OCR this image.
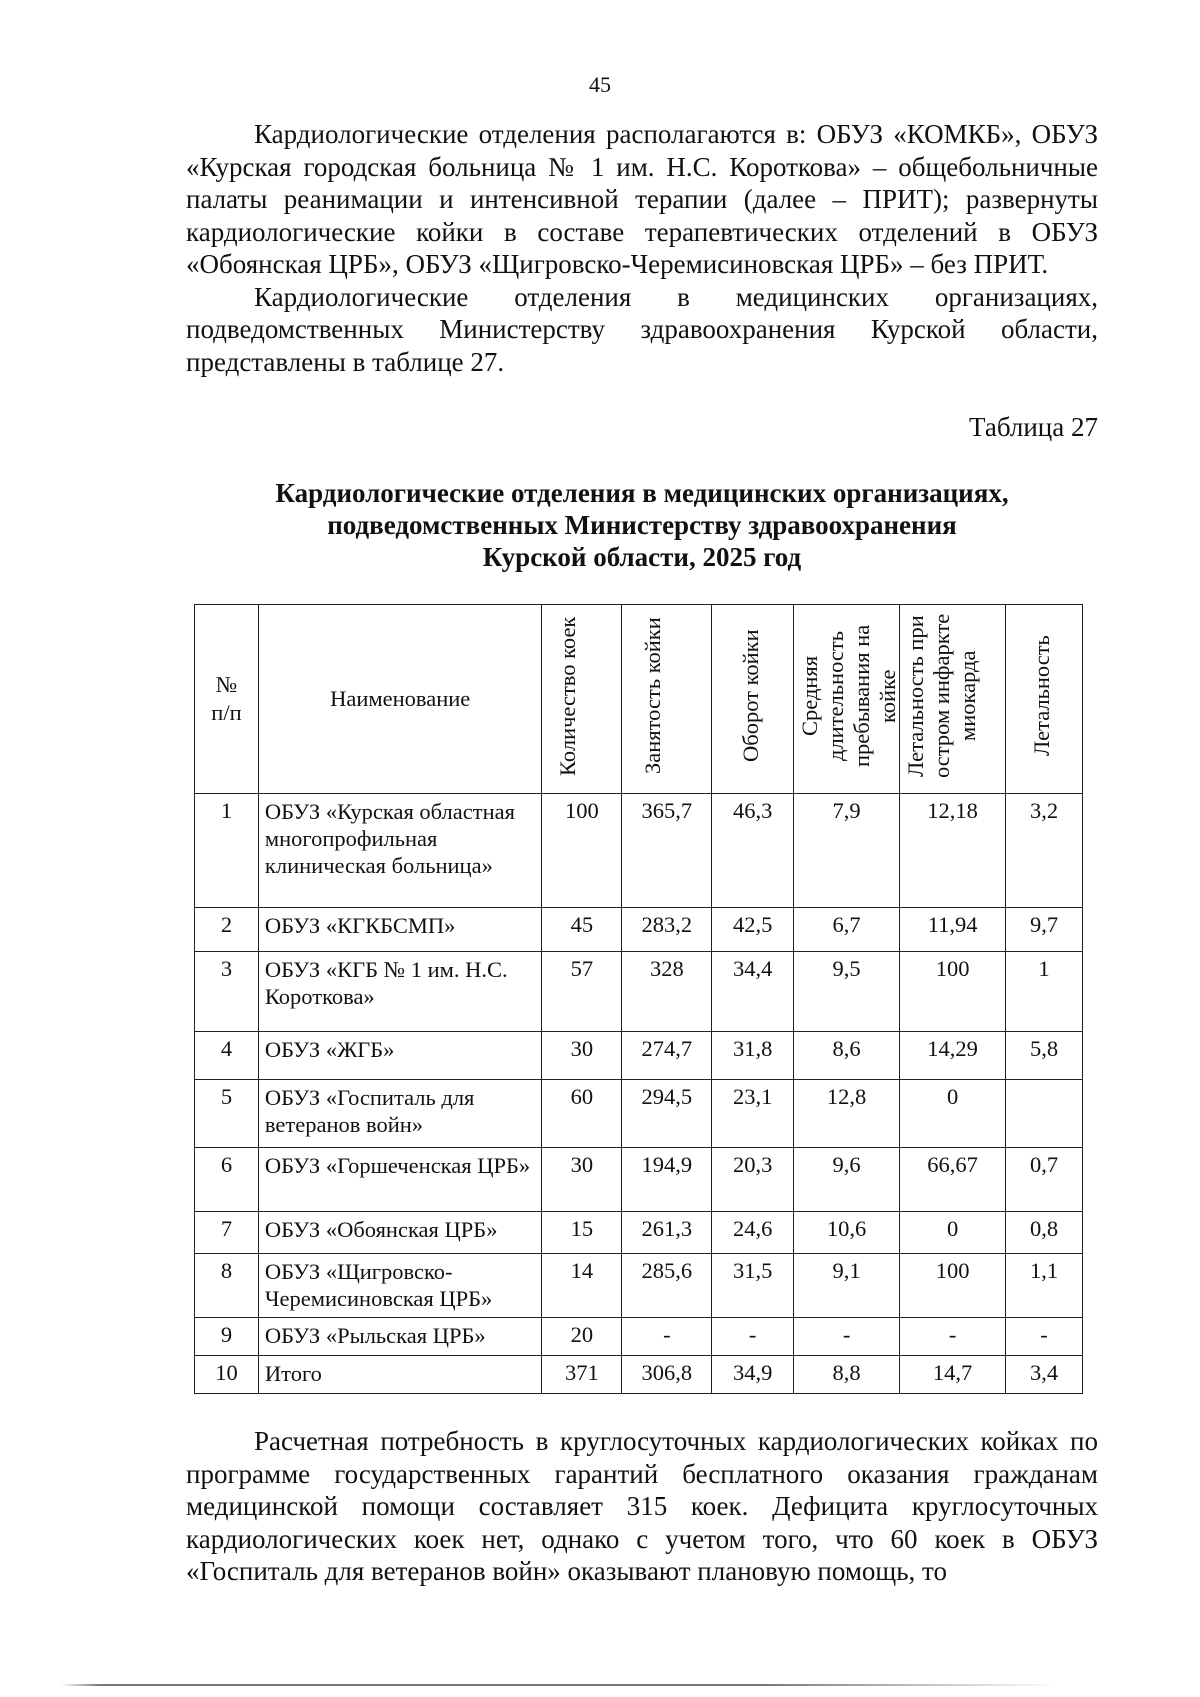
45

Кардиологические отделения располагаются в: ОБУЗ «КОМКБ», ОБУЗ «Курская городская больница № 1 им. Н.С. Короткова» – общебольничные палаты реанимации и интенсивной терапии (далее – ПРИТ); развернуты кардиологические койки в составе терапевтических отделений в ОБУЗ «Обоянская ЦРБ», ОБУЗ «Щигровско-Черемисиновская ЦРБ» – без ПРИТ.

Кардиологические отделения в медицинских организациях, подведомственных Министерству здравоохранения Курской области, представлены в таблице 27.

Таблица 27
Кардиологические отделения в медицинских организациях,
подведомственных Министерству здравоохранения
Курской области, 2025 год
№ п/п	Наименование	Количество коек	Занятость койки	Оборот койки	Средняя длительность пребывания на койке	Летальность при остром инфаркте миокарда	Летальность
1	ОБУЗ «Курская областная многопрофильная клиническая больница»	100	365,7	46,3	7,9	12,18	3,2
2	ОБУЗ «КГКБСМП»	45	283,2	42,5	6,7	11,94	9,7
3	ОБУЗ «КГБ № 1 им. Н.С. Короткова»	57	328	34,4	9,5	100	1
4	ОБУЗ «ЖГБ»	30	274,7	31,8	8,6	14,29	5,8
5	ОБУЗ «Госпиталь для ветеранов войн»	60	294,5	23,1	12,8	0	
6	ОБУЗ «Горшеченская ЦРБ»	30	194,9	20,3	9,6	66,67	0,7
7	ОБУЗ «Обоянская ЦРБ»	15	261,3	24,6	10,6	0	0,8
8	ОБУЗ «Щигровско-Черемисиновская ЦРБ»	14	285,6	31,5	9,1	100	1,1
9	ОБУЗ «Рыльская ЦРБ»	20	-	-	-	-	-
10	Итого	371	306,8	34,9	8,8	14,7	3,4

Расчетная потребность в круглосуточных кардиологических койках по программе государственных гарантий бесплатного оказания гражданам медицинской помощи составляет 315 коек. Дефицита круглосуточных кардиологических коек нет, однако с учетом того, что 60 коек в ОБУЗ «Госпиталь для ветеранов войн» оказывают плановую помощь, то
